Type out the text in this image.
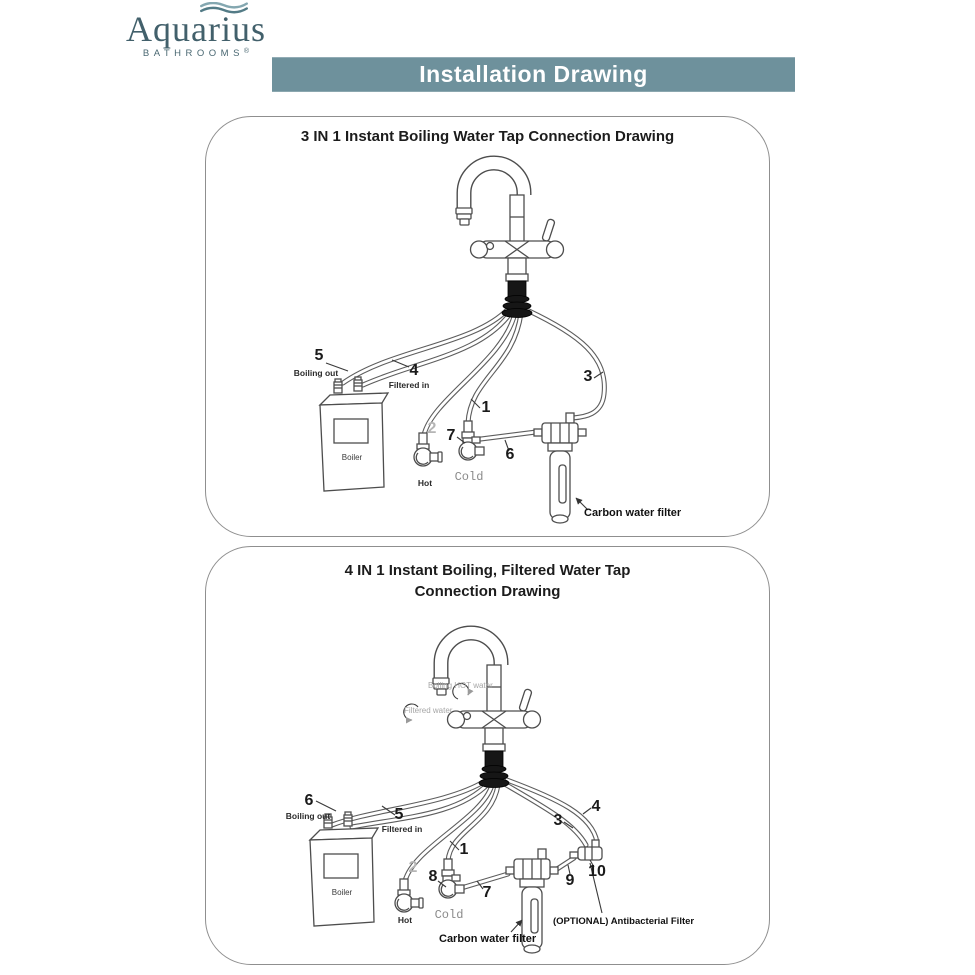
Aquarius
BATHROOMS®
Installation Drawing
3 IN 1 Instant Boiling Water Tap Connection Drawing
Boiler
5
Boiling out	4
Filtered in
1
2 7
6
3
Hot Cold
Carbon water filter
4 IN 1 Instant Boiling, Filtered Water Tap
Connection Drawing
Boiler
6
Boiling out	5
Filtered in
2
1
8
7
3
4
9
10
Boiling HOT water
Filtered water
Hot Cold
Carbon water filter
(OPTIONAL) Antibacterial Filter
